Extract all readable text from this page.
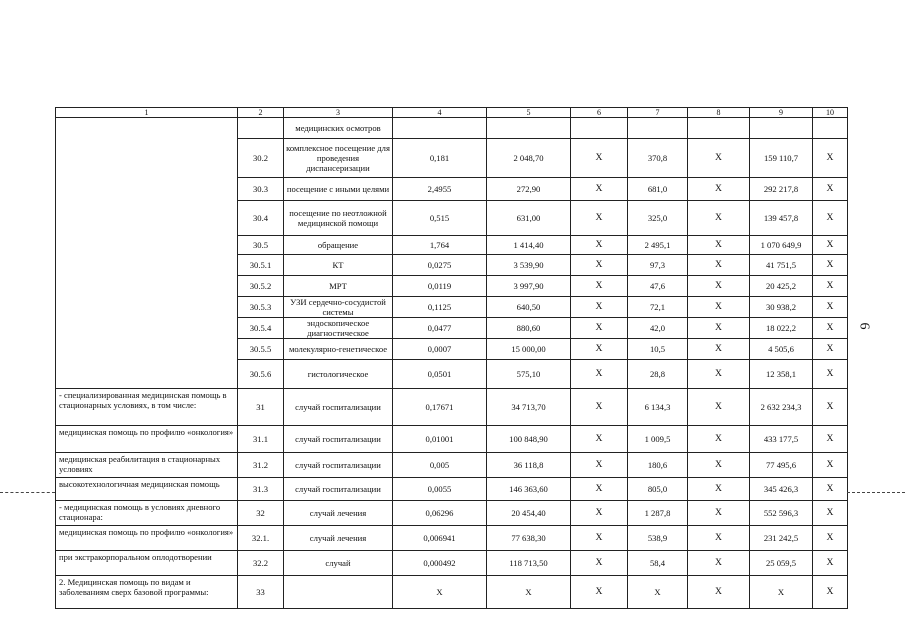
1	2	3	4	5	6	7	8	9	10
		медицинских осмотров							
	30.2	комплексное посещение для проведения диспансеризации	0,181	2 048,70	Х	370,8	Х	159 110,7	Х
	30.3	посещение с иными целями	2,4955	272,90	Х	681,0	Х	292 217,8	Х
	30.4	посещение по неотложной медицинской помощи	0,515	631,00	Х	325,0	Х	139 457,8	Х
	30.5	обращение	1,764	1 414,40	Х	2 495,1	Х	1 070 649,9	Х
	30.5.1	КТ	0,0275	3 539,90	Х	97,3	Х	41 751,5	Х
	30.5.2	МРТ	0,0119	3 997,90	Х	47,6	Х	20 425,2	Х
	30.5.3	УЗИ сердечно-сосудистой системы	0,1125	640,50	Х	72,1	Х	30 938,2	Х
	30.5.4	эндоскопическое диагностическое	0,0477	880,60	Х	42,0	Х	18 022,2	Х
	30.5.5	молекулярно-генетическое	0,0007	15 000,00	Х	10,5	Х	4 505,6	Х
	30.5.6	гистологическое	0,0501	575,10	Х	28,8	Х	12 358,1	Х
- специализированная медицинская помощь в стационарных условиях, в том числе:	31	случай госпитализации	0,17671	34 713,70	Х	6 134,3	Х	2 632 234,3	Х
медицинская помощь по профилю «онкология»	31.1	случай госпитализации	0,01001	100 848,90	Х	1 009,5	Х	433 177,5	Х
медицинская реабилитация в стационарных условиях	31.2	случай госпитализации	0,005	36 118,8	Х	180,6	Х	77 495,6	Х
высокотехнологичная медицинская помощь	31.3	случай госпитализации	0,0055	146 363,60	Х	805,0	Х	345 426,3	Х
- медицинская помощь в условиях дневного стационара:	32	случай лечения	0,06296	20 454,40	Х	1 287,8	Х	552 596,3	Х
медицинская помощь по профилю «онкология»	32.1.	случай лечения	0,006941	77 638,30	Х	538,9	Х	231 242,5	Х
при экстракорпоральном оплодотворении	32.2	случай	0,000492	118 713,50	Х	58,4	Х	25 059,5	Х
2. Медицинская помощь по видам и заболеваниям сверх базовой программы:	33		Х	Х	Х	Х	Х	Х	Х
6
